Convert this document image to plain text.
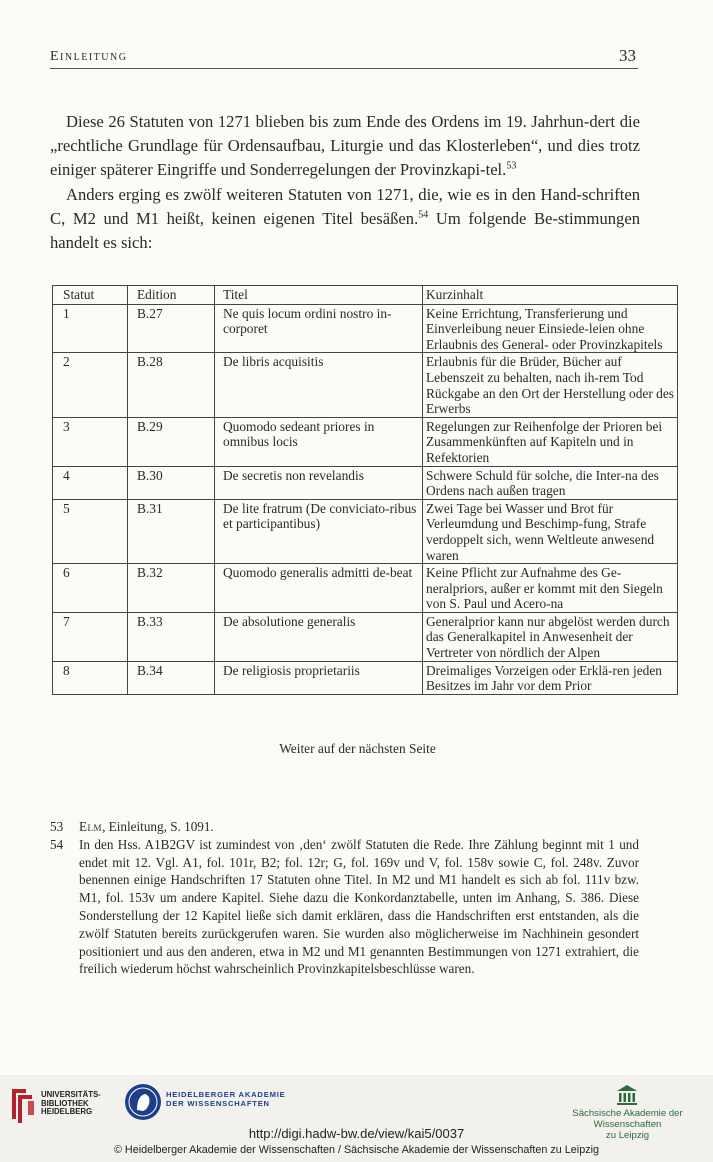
Einleitung	33

Diese 26 Statuten von 1271 blieben bis zum Ende des Ordens im 19. Jahrhun-dert die „rechtliche Grundlage für Ordensaufbau, Liturgie und das Klosterleben“, und dies trotz einiger späterer Eingriffe und Sonderregelungen der Provinzkapi-tel.$^{53}$

Anders erging es zwölf weiteren Statuten von 1271, die, wie es in den Hand-schriften C, M2 und M1 heißt, keinen eigenen Titel besäßen.$^{54}$ Um folgende Be-stimmungen handelt es sich:

Statut	Edition	Titel	Kurzinhalt
1	B.27	Ne quis locum ordini nostro in-corporet	Keine Errichtung, Transferierung und Einverleibung neuer Einsiede-leien ohne Erlaubnis des General- oder Provinzkapitels
2	B.28	De libris acquisitis	Erlaubnis für die Brüder, Bücher auf Lebenszeit zu behalten, nach ih-rem Tod Rückgabe an den Ort der Herstellung oder des Erwerbs
3	B.29	Quomodo sedeant priores in omnibus locis	Regelungen zur Reihenfolge der Prioren bei Zusammenkünften auf Kapiteln und in Refektorien
4	B.30	De secretis non revelandis	Schwere Schuld für solche, die Inter-na des Ordens nach außen tragen
5	B.31	De lite fratrum (De conviciato-ribus et participantibus)	Zwei Tage bei Wasser und Brot für Verleumdung und Beschimp-fung, Strafe verdoppelt sich, wenn Weltleute anwesend waren
6	B.32	Quomodo generalis admitti de-beat	Keine Pflicht zur Aufnahme des Ge-neralpriors, außer er kommt mit den Siegeln von S. Paul und Acero-na
7	B.33	De absolutione generalis	Generalprior kann nur abgelöst werden durch das Generalkapitel in Anwesenheit der Vertreter von nördlich der Alpen
8	B.34	De religiosis proprietariis	Dreimaliges Vorzeigen oder Erklä-ren jeden Besitzes im Jahr vor dem Prior
Weiter auf der nächsten Seite
53 Elm, Einleitung, S. 1091.
54 In den Hss. A1B2GV ist zumindest von ‚den‘ zwölf Statuten die Rede. Ihre Zählung beginnt mit 1 und endet mit 12. Vgl. A1, fol. 101r, B2; fol. 12r; G, fol. 169v und V, fol. 158v sowie C, fol. 248v. Zuvor benennen einige Handschriften 17 Statuten ohne Titel. In M2 und M1 handelt es sich ab fol. 111v bzw. M1, fol. 153v um andere Kapitel. Siehe dazu die Konkordanztabelle, unten im Anhang, S. 386. Diese Sonderstellung der 12 Kapitel ließe sich damit erklären, dass die Handschriften erst entstanden, als die zwölf Statuten bereits zurückgerufen waren. Sie wurden also möglicherweise im Nachhinein gesondert positioniert und aus den anderen, etwa in M2 und M1 genannten Bestimmungen von 1271 extrahiert, die freilich wiederum höchst wahrscheinlich Provinzkapitelsbeschlüsse waren.
UNIVERSITÄTS-
BIBLIOTHEK
HEIDELBERG
HEIDELBERGER AKADEMIE
DER WISSENSCHAFTEN
Sächsische Akademie der Wissenschaften
zu Leipzig
http://digi.hadw-bw.de/view/kai5/0037
© Heidelberger Akademie der Wissenschaften / Sächsische Akademie der Wissenschaften zu Leipzig
